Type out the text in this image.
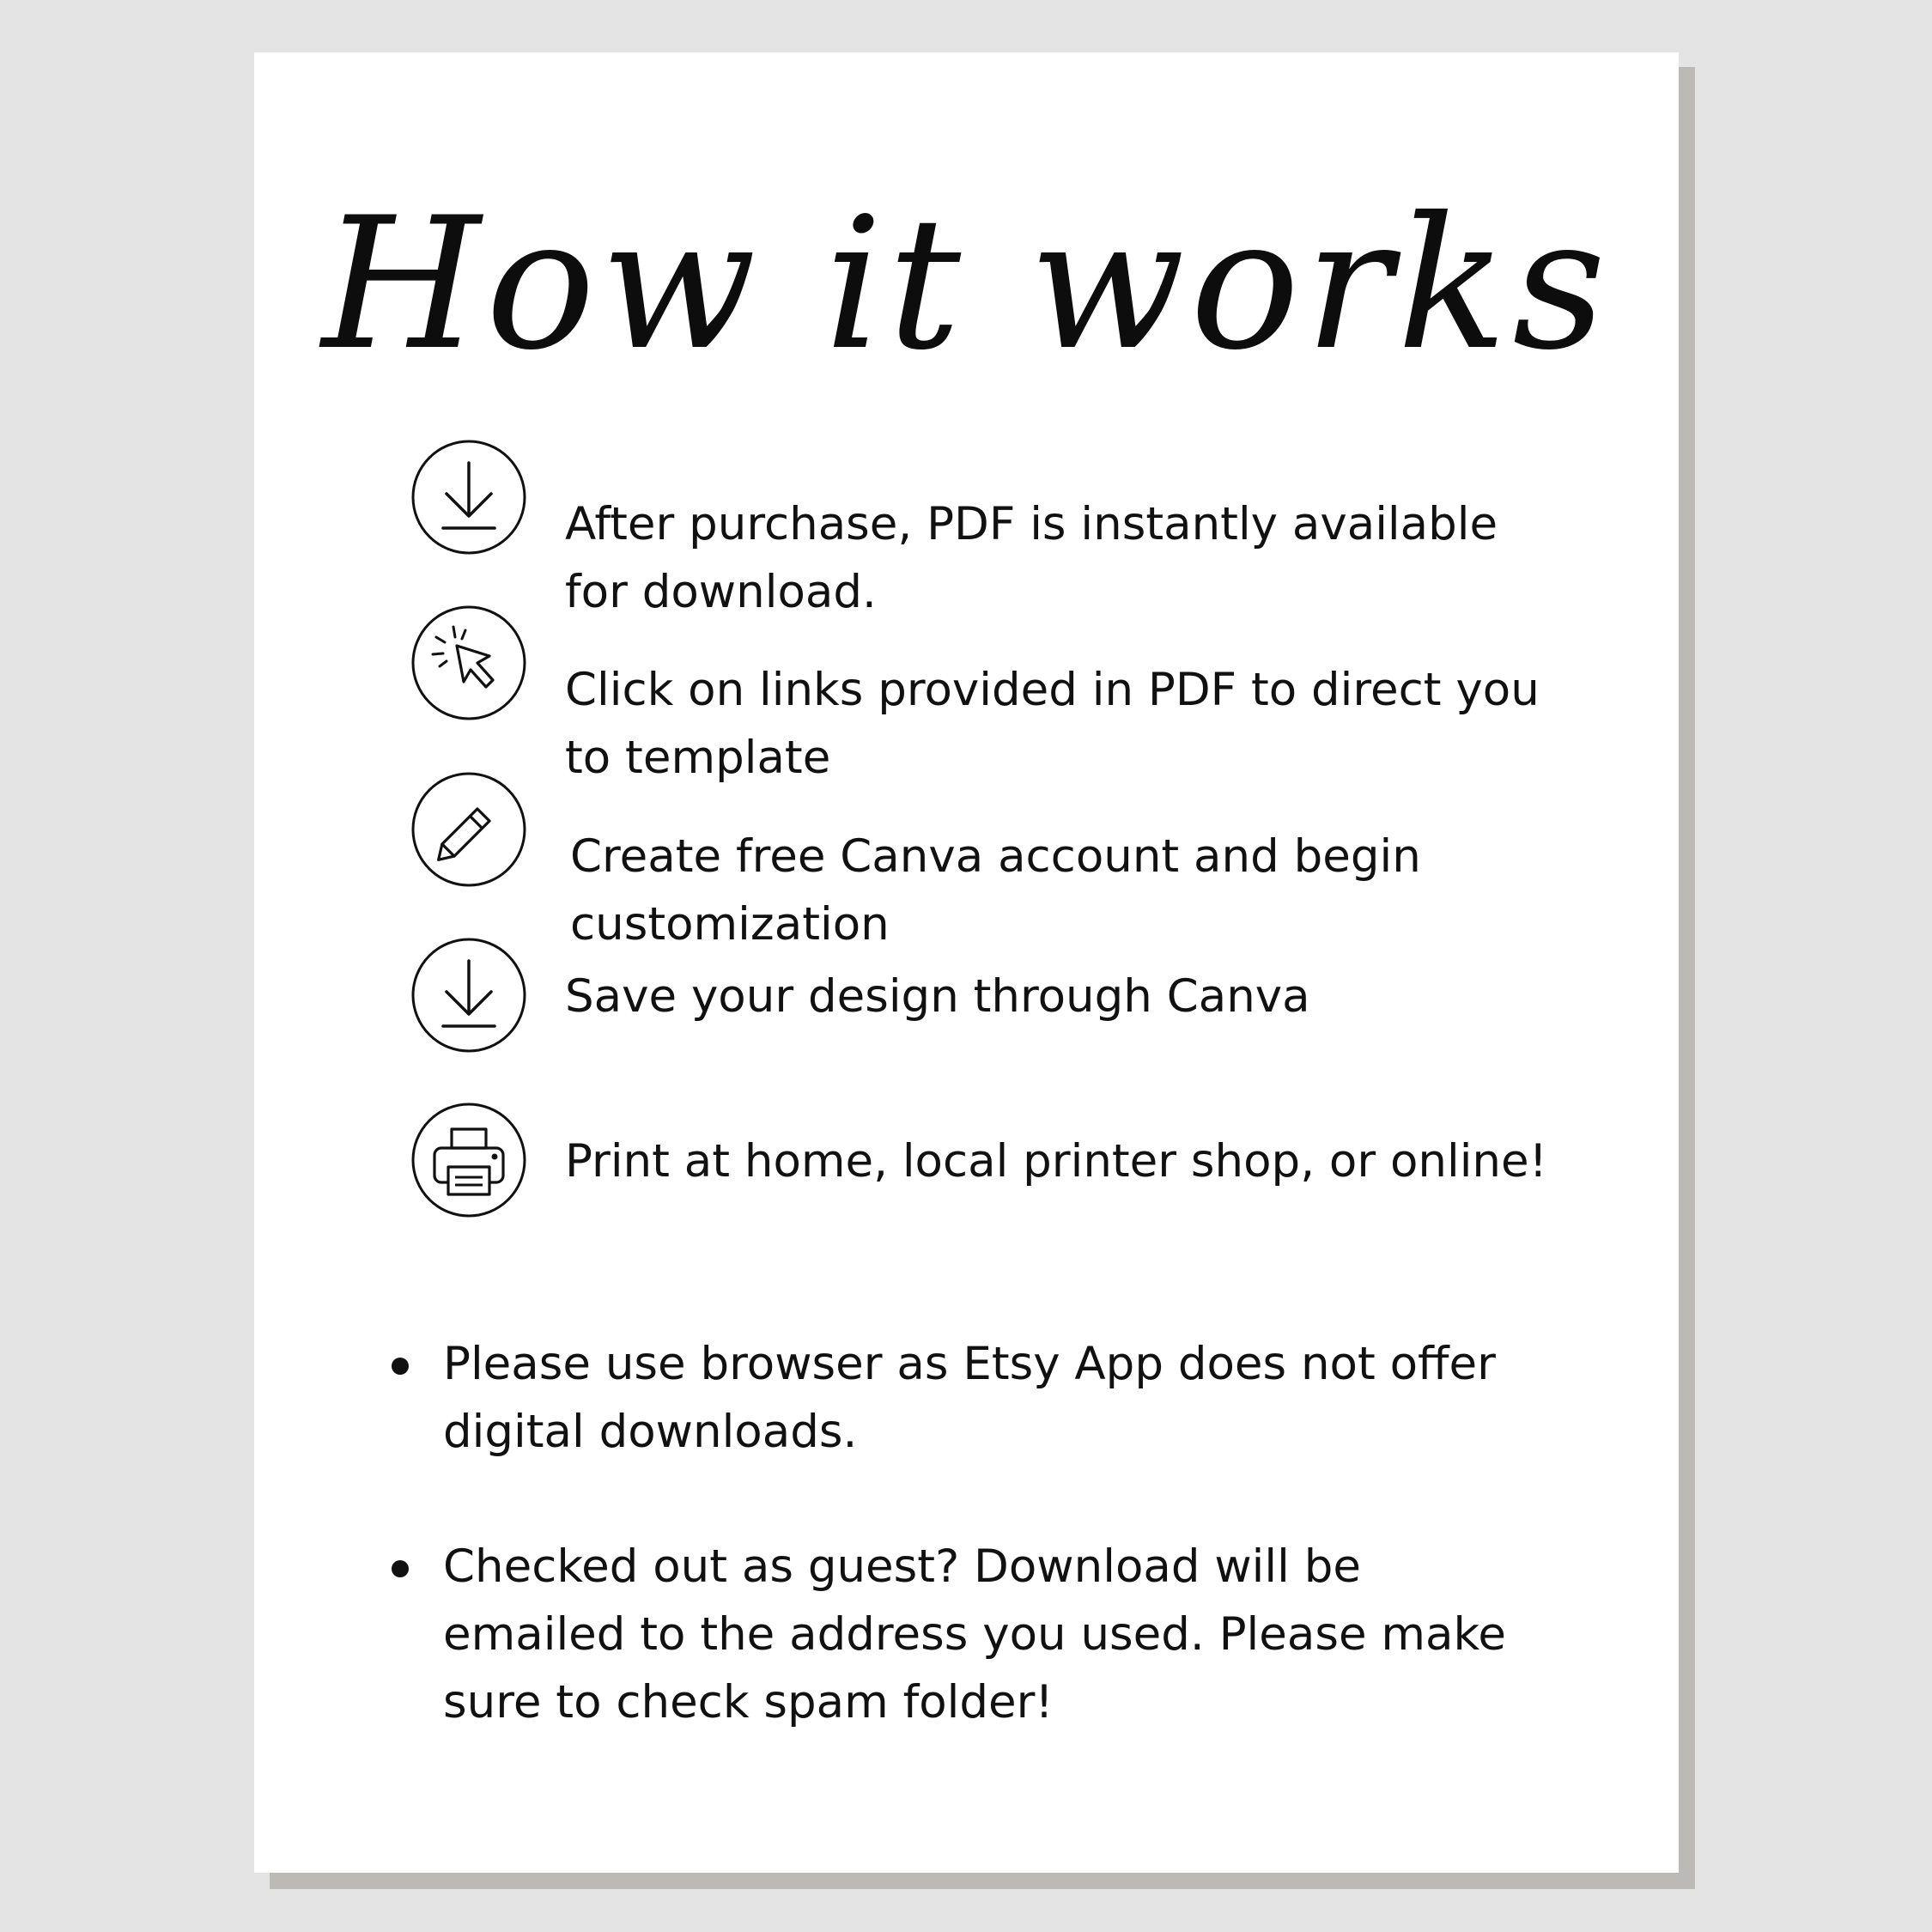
How it works
After purchase, PDF is instantly available for download.
Click on links provided in PDF to direct you to template
Create free Canva account and begin customization
Save your design through Canva
Print at home, local printer shop, or online!
Please use browser as Etsy App does not offer digital downloads.
Checked out as guest? Download will be emailed to the address you used. Please make sure to check spam folder!
